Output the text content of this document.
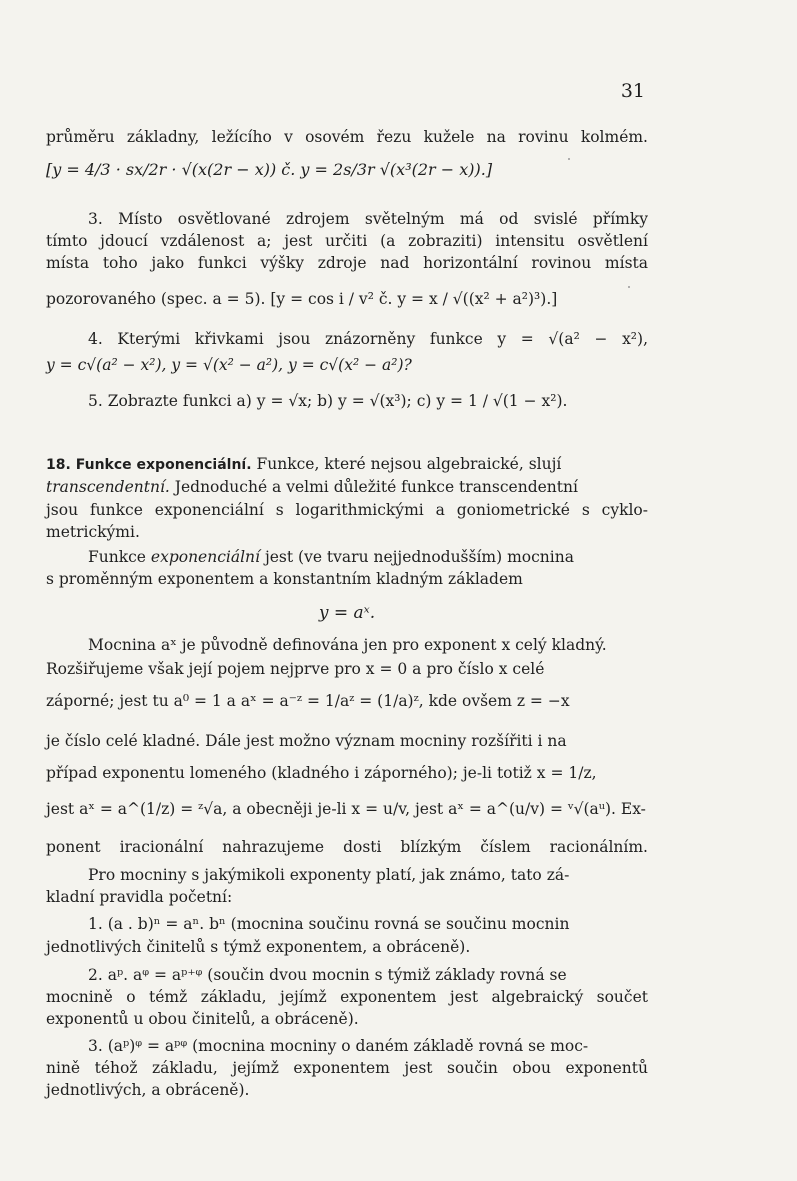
31
průměru základny, ležícího v osovém řezu kužele na rovinu kolmém.
[y = 4/3 · sx/2r · √(x(2r − x)) č. y = 2s/3r √(x³(2r − x)).]
3. Místo osvětlované zdrojem světelným má od svislé přímky
tímto jdoucí vzdálenost a; jest určiti (a zobraziti) intensitu osvětlení
místa toho jako funkci výšky zdroje nad horizontální rovinou místa
pozorovaného (spec. a = 5). [y = cos i / v² č. y = x / √((x² + a²)³).]
4. Kterými křivkami jsou znázorněny funkce y = √(a² − x²),
y = c√(a² − x²), y = √(x² − a²), y = c√(x² − a²)?
5. Zobrazte funkci a) y = √x; b) y = √(x³); c) y = 1 / √(1 − x²).
18. Funkce exponenciální. Funkce, které nejsou algebraické, slují
transcendentní. Jednoduché a velmi důležité funkce transcendentní
jsou funkce exponenciální s logarithmickými a goniometrické s cyklo-
metrickými.
Funkce exponenciální jest (ve tvaru nejjednodušším) mocnina
s proměnným exponentem a konstantním kladným základem
y = aˣ.
Mocnina aˣ je původně definována jen pro exponent x celý kladný.
Rozšiřujeme však její pojem nejprve pro x = 0 a pro číslo x celé
záporné; jest tu a⁰ = 1 a aˣ = a⁻ᶻ = 1/aᶻ = (1/a)ᶻ, kde ovšem z = −x
je číslo celé kladné. Dále jest možno význam mocniny rozšířiti i na
případ exponentu lomeného (kladného i záporného); je-li totiž x = 1/z,
jest aˣ = a^(1/z) = ᶻ√a, a obecněji je-li x = u/v, jest aˣ = a^(u/v) = ᵛ√(aᵘ). Ex-
ponent iracionální nahrazujeme dosti blízkým číslem racionálním.
Pro mocniny s jakýmikoli exponenty platí, jak známo, tato zá-
kladní pravidla početní:
1. (a . b)ⁿ = aⁿ. bⁿ (mocnina součinu rovná se součinu mocnin
jednotlivých činitelů s týmž exponentem, a obráceně).
2. aᵖ. aᵠ = aᵖ⁺ᵠ (součin dvou mocnin s týmiž základy rovná se
mocnině o témž základu, jejímž exponentem jest algebraický součet
exponentů u obou činitelů, a obráceně).
3. (aᵖ)ᵠ = aᵖᵠ (mocnina mocniny o daném základě rovná se moc-
nině téhož základu, jejímž exponentem jest součin obou exponentů
jednotlivých, a obráceně).
